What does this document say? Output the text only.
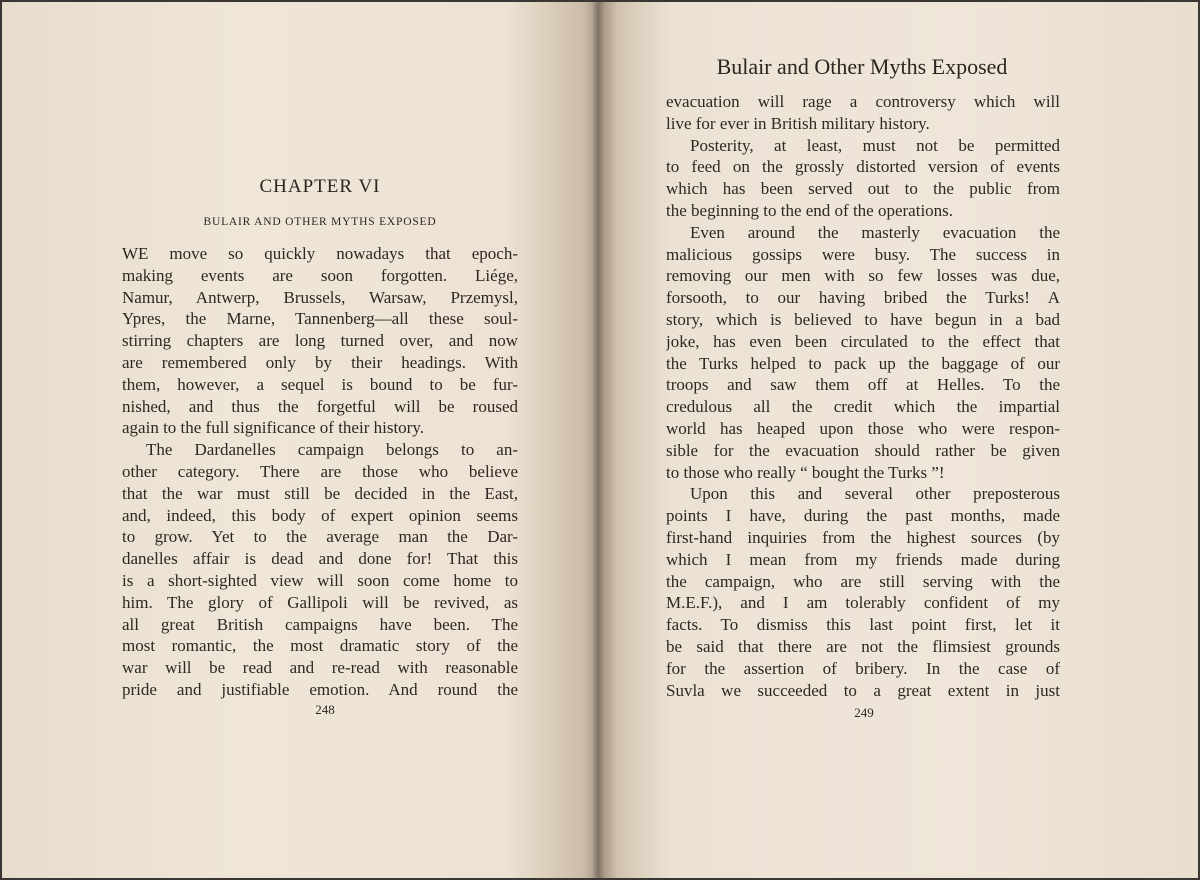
CHAPTER VI
BULAIR AND OTHER MYTHS EXPOSED
WE move so quickly nowadays that epoch-
making events are soon forgotten. Liége,
Namur, Antwerp, Brussels, Warsaw, Przemysl,
Ypres, the Marne, Tannenberg—all these soul-
stirring chapters are long turned over, and now
are remembered only by their headings. With
them, however, a sequel is bound to be fur-
nished, and thus the forgetful will be roused
again to the full significance of their history.
The Dardanelles campaign belongs to an-
other category. There are those who believe
that the war must still be decided in the East,
and, indeed, this body of expert opinion seems
to grow. Yet to the average man the Dar-
danelles affair is dead and done for! That this
is a short-sighted view will soon come home to
him. The glory of Gallipoli will be revived, as
all great British campaigns have been. The
most romantic, the most dramatic story of the
war will be read and re-read with reasonable
pride and justifiable emotion. And round the
248
Bulair and Other Myths Exposed
evacuation will rage a controversy which will
live for ever in British military history.
Posterity, at least, must not be permitted
to feed on the grossly distorted version of events
which has been served out to the public from
the beginning to the end of the operations.
Even around the masterly evacuation the
malicious gossips were busy. The success in
removing our men with so few losses was due,
forsooth, to our having bribed the Turks! A
story, which is believed to have begun in a bad
joke, has even been circulated to the effect that
the Turks helped to pack up the baggage of our
troops and saw them off at Helles. To the
credulous all the credit which the impartial
world has heaped upon those who were respon-
sible for the evacuation should rather be given
to those who really “ bought the Turks ”!
Upon this and several other preposterous
points I have, during the past months, made
first-hand inquiries from the highest sources (by
which I mean from my friends made during
the campaign, who are still serving with the
M.E.F.), and I am tolerably confident of my
facts. To dismiss this last point first, let it
be said that there are not the flimsiest grounds
for the assertion of bribery. In the case of
Suvla we succeeded to a great extent in just
249
